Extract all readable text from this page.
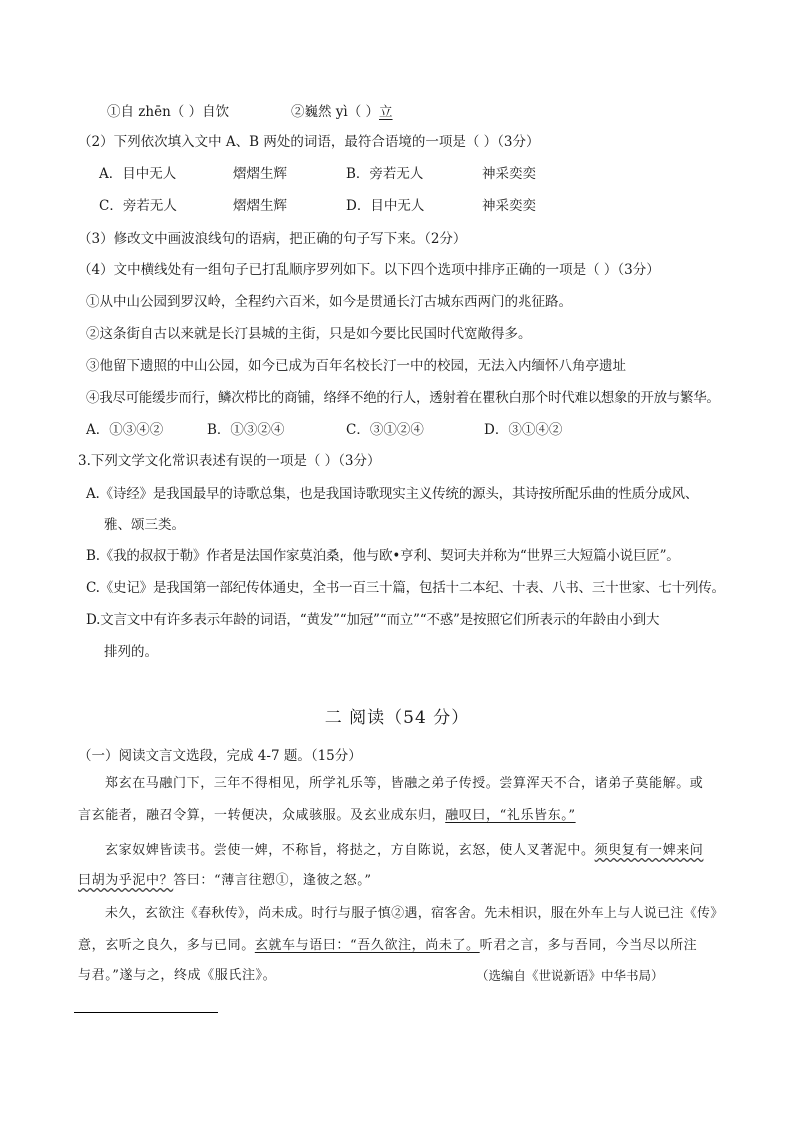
①自 zhēn（ ）自饮	②巍然 yì（ ）立
（2）下列依次填入文中 A、B 两处的词语，最符合语境的一项是（ ）（3分）
A．目中无人	熠熠生辉	B．旁若无人	神采奕奕
C．旁若无人	熠熠生辉	D．目中无人	神采奕奕
（3）修改文中画波浪线句的语病，把正确的句子写下来。（2分）
（4）文中横线处有一组句子已打乱顺序罗列如下。以下四个选项中排序正确的一项是（ ）（3分）
①从中山公园到罗汉岭，全程约六百米，如今是贯通长汀古城东西两门的兆征路。
②这条街自古以来就是长汀县城的主街，只是如今要比民国时代宽敞得多。
③他留下遗照的中山公园，如今已成为百年名校长汀一中的校园，无法入内缅怀八角亭遗址
④我尽可能缓步而行，鳞次栉比的商铺，络绎不绝的行人，透射着在瞿秋白那个时代难以想象的开放与繁华。
A．①③④②	B．①③②④	C．③①②④	D．③①④②
3.下列文学文化常识表述有误的一项是（ ）（3分）
A.《诗经》是我国最早的诗歌总集，也是我国诗歌现实主义传统的源头，其诗按所配乐曲的性质分成风、
雅、颂三类。
B.《我的叔叔于勒》作者是法国作家莫泊桑，他与欧•亨利、契诃夫并称为“世界三大短篇小说巨匠”。
C.《史记》是我国第一部纪传体通史，全书一百三十篇，包括十二本纪、十表、八书、三十世家、七十列传。
D.文言文中有许多表示年龄的词语，“黄发”“加冠”“而立”“不惑”是按照它们所表示的年龄由小到大
排列的。
二 阅读（54 分）
（一）阅读文言文选段，完成 4-7 题。（15分）
郑玄在马融门下，三年不得相见，所学礼乐等，皆融之弟子传授。尝算浑天不合，诸弟子莫能解。或
言玄能者，融召令算，一转便决，众咸骇服。及玄业成东归，融叹曰，“礼乐皆东。”
玄家奴婢皆读书。尝使一婢，不称旨，将挞之，方自陈说，玄怒，使人叉著泥中。须臾复有一婢来问
曰胡为乎泥中？答曰：“薄言往愬①，逢彼之怒。”
未久，玄欲注《春秋传》，尚未成。时行与服子慎②遇，宿客舍。先未相识，服在外车上与人说已注《传》
意，玄听之良久，多与已同。玄就车与语曰：“吾久欲注，尚未了。听君之言，多与吾同，今当尽以所注
与君。”遂与之，终成《服氏注》。	（选编自《世说新语》中华书局）
